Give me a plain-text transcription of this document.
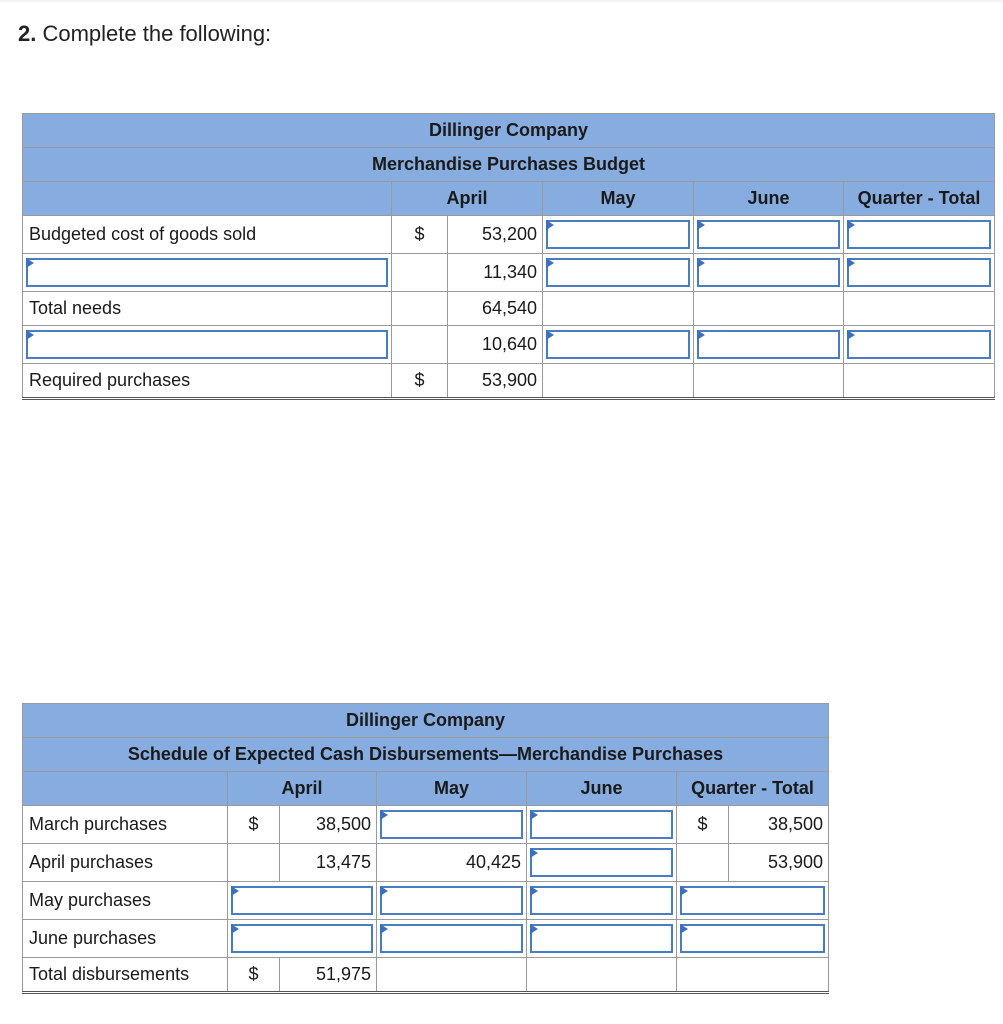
2. Complete the following:
Dillinger Company					
Merchandise Purchases Budget					
	April		May	June	Quarter - Total
Budgeted cost of goods sold	$	53,200	

		11,340	

Total needs		64,540			

		10,640	

Required purchases	$	53,900			
Dillinger Company						
Schedule of Expected Cash Disbursements—Merchandise Purchases						
	April		May	June	Quarter - Total	
March purchases	$	38,500			$	38,500
April purchases		13,475	40,425			53,900
May purchases			

June purchases			

Total disbursements	$	51,975				
